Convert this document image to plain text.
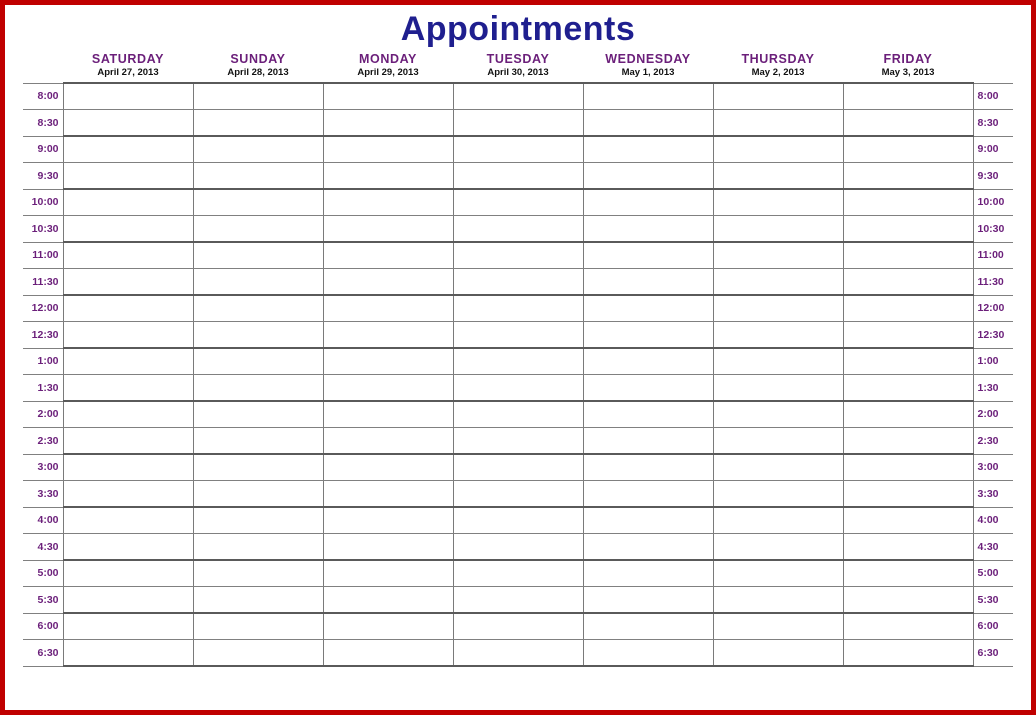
Appointments

SATURDAY
April 27, 2013

SUNDAY
April 28, 2013

MONDAY
April 29, 2013

TUESDAY
April 30, 2013

WEDNESDAY
May 1, 2013

THURSDAY
May 2, 2013

FRIDAY
May 3, 2013

8:00								8:00
8:30								8:30
9:00								9:00
9:30								9:30
10:00								10:00
10:30								10:30
11:00								11:00
11:30								11:30
12:00								12:00
12:30								12:30
1:00								1:00
1:30								1:30
2:00								2:00
2:30								2:30
3:00								3:00
3:30								3:30
4:00								4:00
4:30								4:30
5:00								5:00
5:30								5:30
6:00								6:00
6:30								6:30
